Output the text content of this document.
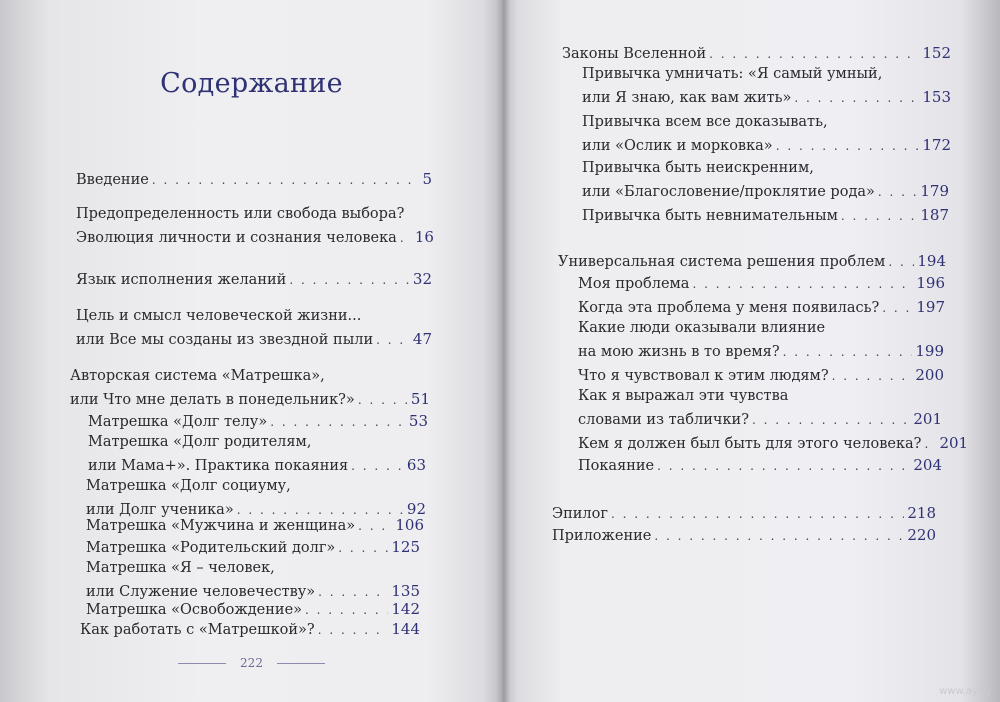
Содержание
Введение . . .	5
Предопределенность или свобода выбора?
Эволюция личности и сознания человека . . . 16
Язык исполнения желаний . . .	32
Цель и смысл человеческой жизни...
или Все мы созданы из звездной пыли . . .	47
Авторская система «Матрешка»,
или Что мне делать в понедельник?» . . .	51
Матрешка «Долг телу» . . .	53
Матрешка «Долг родителям,
или Мама+». Практика покаяния . . .	63
Матрешка «Долг социуму,
или Долг ученика» . . .	92
Матрешка «Мужчина и женщина» . . .	106
Матрешка «Родительский долг» . . .	125
Матрешка «Я – человек,
или Служение человечеству» . . .	135
Матрешка «Освобождение» . . .	142
Как работать с «Матрешкой»? . . .	144
222
Законы Вселенной . . .	152
Привычка умничать: «Я самый умный,
или Я знаю, как вам жить» . . .	153
Привычка всем все доказывать,
или «Ослик и морковка» . . .	172
Привычка быть неискренним,
или «Благословение/проклятие рода» . . .	179
Привычка быть невнимательным . . .	187
Универсальная система решения проблем . . . 194
Моя проблема . . .	196
Когда эта проблема у меня появилась? . . . 197
Какие люди оказывали влияние
на мою жизнь в то время? . . .	199
Что я чувствовал к этим людям? . . .	200
Как я выражал эти чувства
словами из таблички? . . .	201
Кем я должен был быть для этого человека? . . . 201
Покаяние . . .	204
Эпилог . . .	218
Приложение . . .	220
www.ay.by
